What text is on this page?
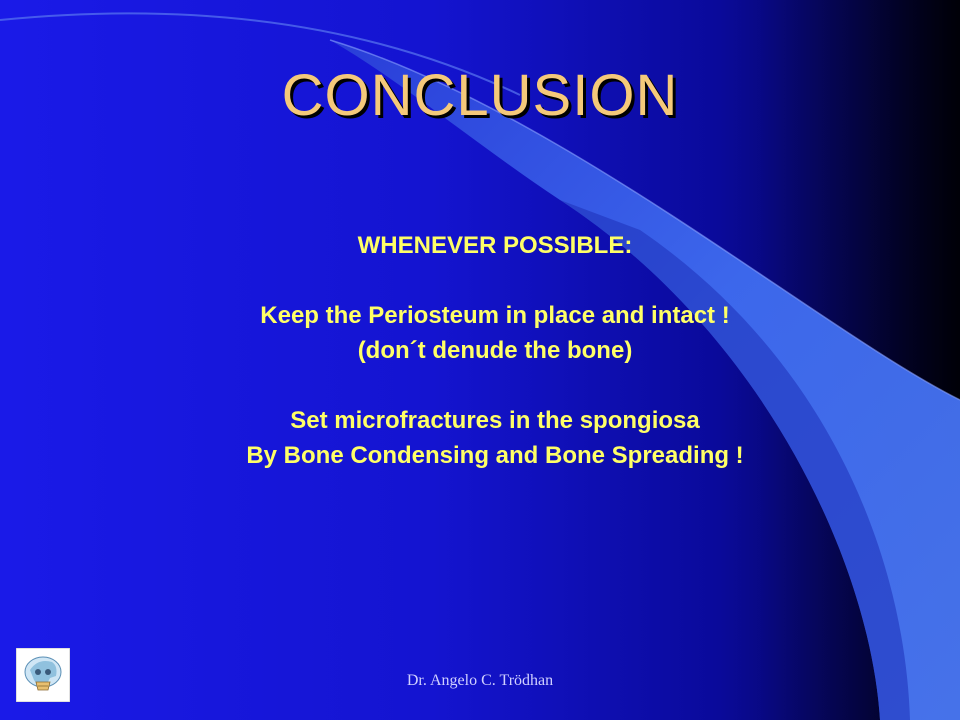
CONCLUSION
WHENEVER POSSIBLE:
Keep the Periosteum in place and intact !
(don´t denude the bone)
Set microfractures in the spongiosa
By Bone Condensing and Bone Spreading !
Dr. Angelo C. Trödhan
